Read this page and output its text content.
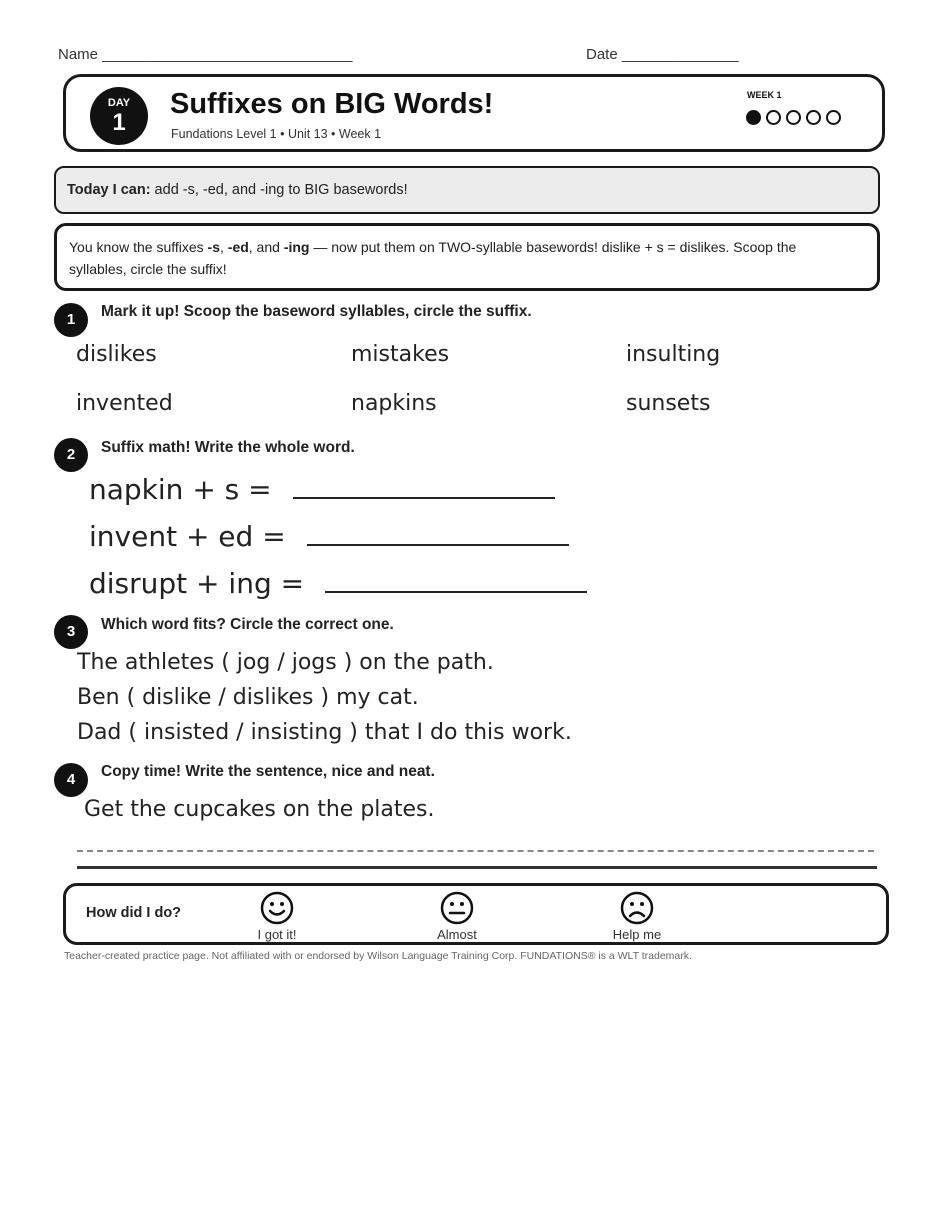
Name ______________________________	Date ______________
DAY
1
Suffixes on BIG Words!
Fundations Level 1 • Unit 13 • Week 1
WEEK 1
Today I can: add -s, -ed, and -ing to BIG basewords!
You know the suffixes -s, -ed, and -ing — now put them on TWO-syllable basewords! dislike + s = dislikes. Scoop the syllables, circle the suffix!
1	Mark it up! Scoop the baseword syllables, circle the suffix.
dislikes	mistakes	insulting
invented	napkins	sunsets
2	Suffix math! Write the whole word.
napkin + s =
invent + ed =
disrupt + ing =
3	Which word fits? Circle the correct one.
The athletes ( jog / jogs ) on the path.
Ben ( dislike / dislikes ) my cat.
Dad ( insisted / insisting ) that I do this work.
4	Copy time! Write the sentence, nice and neat.
Get the cupcakes on the plates.
How did I do?
I got it!	Almost	Help me
Teacher-created practice page. Not affiliated with or endorsed by Wilson Language Training Corp. FUNDATIONS® is a WLT trademark.
